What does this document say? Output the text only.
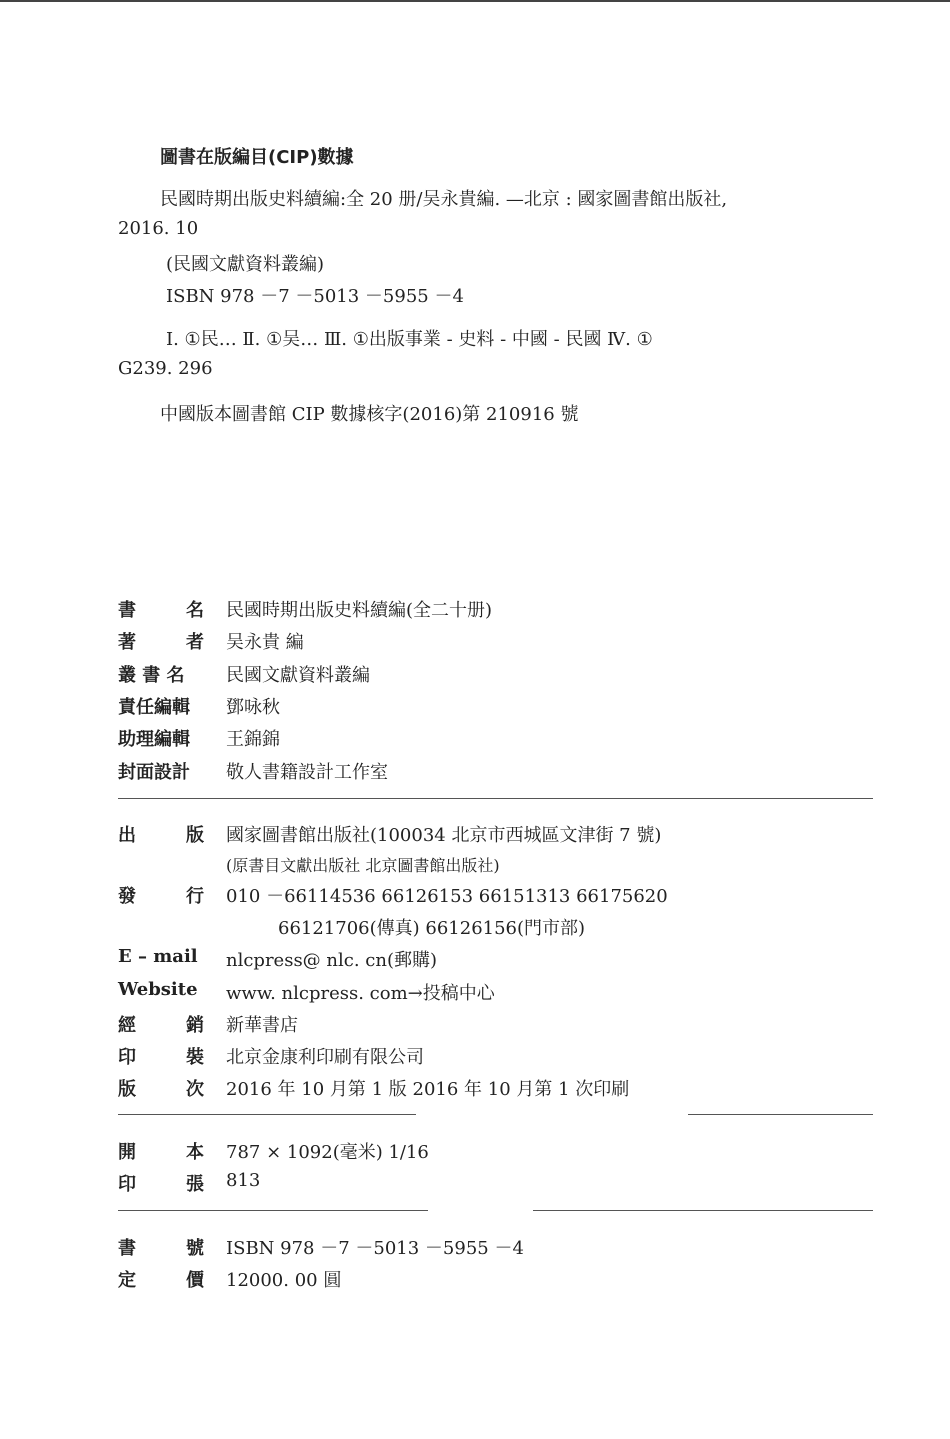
圖書在版編目(CIP)數據
民國時期出版史料續編:全 20 册/吴永貴編. —北京 : 國家圖書館出版社,
2016. 10
(民國文獻資料叢編)
ISBN 978 －7 －5013 －5955 －4
Ⅰ. ①民… Ⅱ. ①吴… Ⅲ. ①出版事業 - 史料 - 中國 - 民國 Ⅳ. ①
G239. 296
中國版本圖書館 CIP 數據核字(2016)第 210916 號
書	名 民國時期出版史料續編(全二十册)
著	者 吴永貴 編
叢 書 名	民國文獻資料叢編
責任編輯	鄧咏秋
助理編輯	王錦錦
封面設計	敬人書籍設計工作室
出	版 國家圖書館出版社(100034 北京市西城區文津街 7 號)
(原書目文獻出版社 北京圖書館出版社)
發	行 010 －66114536 66126153 66151313 66175620
66121706(傳真) 66126156(門市部)
E – mail nlcpress@ nlc. cn(郵購)
Website www. nlcpress. com→投稿中心
經	銷 新華書店
印	裝 北京金康利印刷有限公司
版	次 2016 年 10 月第 1 版 2016 年 10 月第 1 次印刷
開	本 787 × 1092(毫米) 1/16
印	張 813
書	號 ISBN 978 －7 －5013 －5955 －4
定	價 12000. 00 圓
